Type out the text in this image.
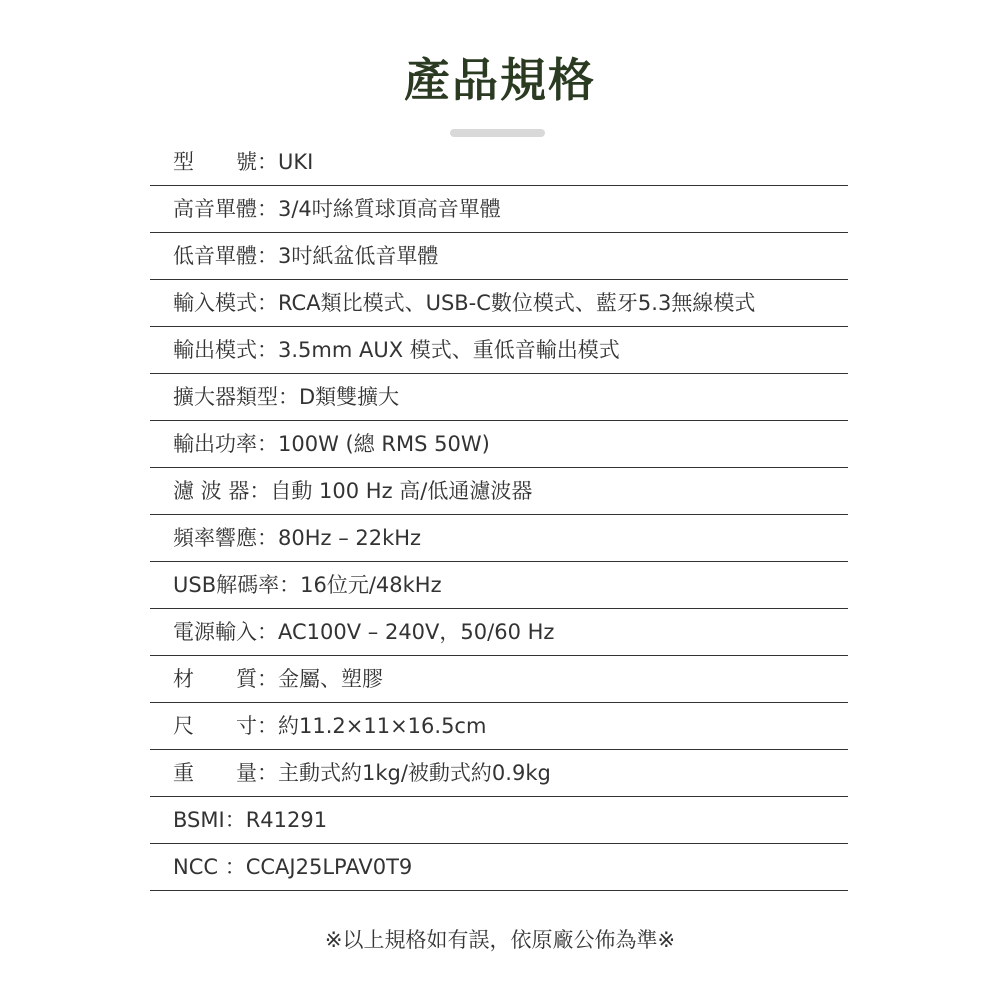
產品規格
型　　號 ： UKI
高音單體 ： 3/4吋絲質球頂高音單體
低音單體 ： 3吋紙盆低音單體
輸入模式 ： RCA類比模式、USB-C數位模式、藍牙5.3無線模式
輸出模式 ： 3.5mm AUX 模式、重低音輸出模式
擴大器類型 ： D類雙擴大
輸出功率 ： 100W (總 RMS 50W)
濾 波 器 ： 自動 100 Hz 高/低通濾波器
頻率響應 ： 80Hz – 22kHz
USB解碼率 ： 16位元/48kHz
電源輸入 ： AC100V – 240V，50/60 Hz
材　　質 ： 金屬、塑膠
尺　　寸 ： 約11.2×11×16.5cm
重　　量 ： 主動式約1kg/被動式約0.9kg
BSMI ： R41291
NCC ： CCAJ25LPAV0T9
※以上規格如有誤，依原廠公佈為準※
